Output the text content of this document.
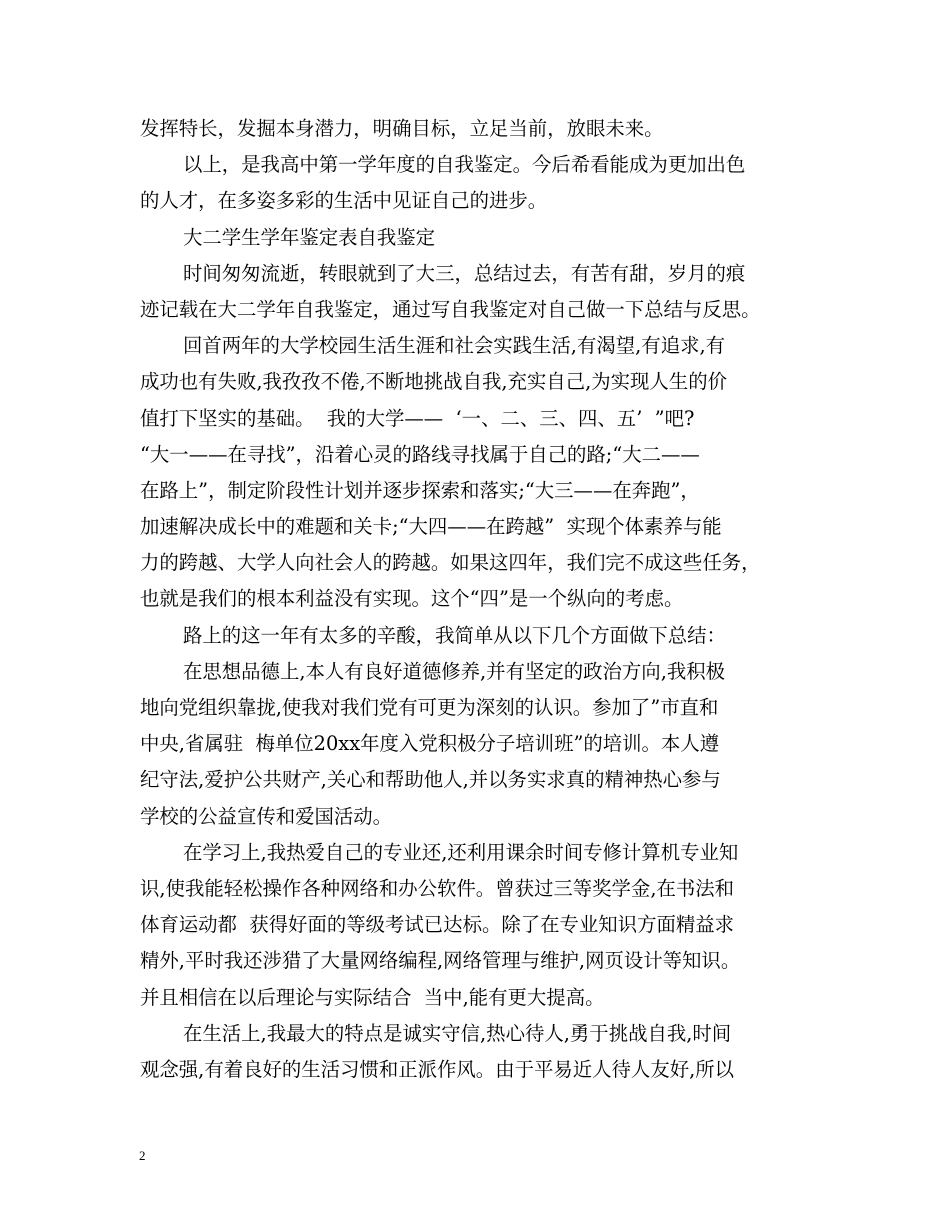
发挥特长，发掘本身潜力，明确目标，立足当前，放眼未来。
以上，是我高中第一学年度的自我鉴定。今后希看能成为更加出色
的人才，在多姿多彩的生活中见证自己的进步。
大二学生学年鉴定表自我鉴定
时间匆匆流逝，转眼就到了大三，总结过去，有苦有甜，岁月的痕
迹记载在大二学年自我鉴定，通过写自我鉴定对自己做一下总结与反思。
回首两年的大学校园生活生涯和社会实践生活,有渴望,有追求,有
成功也有失败,我孜孜不倦,不断地挑战自我,充实自己,为实现人生的价
值打下坚实的基础。  我的大学——  ‘一、二、三、四、五’  ”吧?
“大一——在寻找”，沿着心灵的路线寻找属于自己的路;“大二——
在路上”，制定阶段性计划并逐步探索和落实;“大三——在奔跑”，
加速解决成长中的难题和关卡;“大四——在跨越”  实现个体素养与能
力的跨越、大学人向社会人的跨越。如果这四年，我们完不成这些任务，
也就是我们的根本利益没有实现。这个“四”是一个纵向的考虑。
路上的这一年有太多的辛酸，我简单从以下几个方面做下总结：
在思想品德上,本人有良好道德修养,并有坚定的政治方向,我积极
地向党组织靠拢,使我对我们党有可更为深刻的认识。参加了”市直和
中央,省属驻  梅单位20xx年度入党积极分子培训班”的培训。本人遵
纪守法,爱护公共财产,关心和帮助他人,并以务实求真的精神热心参与
学校的公益宣传和爱国活动。
在学习上,我热爱自己的专业还,还利用课余时间专修计算机专业知
识,使我能轻松操作各种网络和办公软件。曾获过三等奖学金,在书法和
体育运动都  获得好面的等级考试已达标。除了在专业知识方面精益求
精外,平时我还涉猎了大量网络编程,网络管理与维护,网页设计等知识。
并且相信在以后理论与实际结合  当中,能有更大提高。
在生活上,我最大的特点是诚实守信,热心待人,勇于挑战自我,时间
观念强,有着良好的生活习惯和正派作风。由于平易近人待人友好,所以
2
